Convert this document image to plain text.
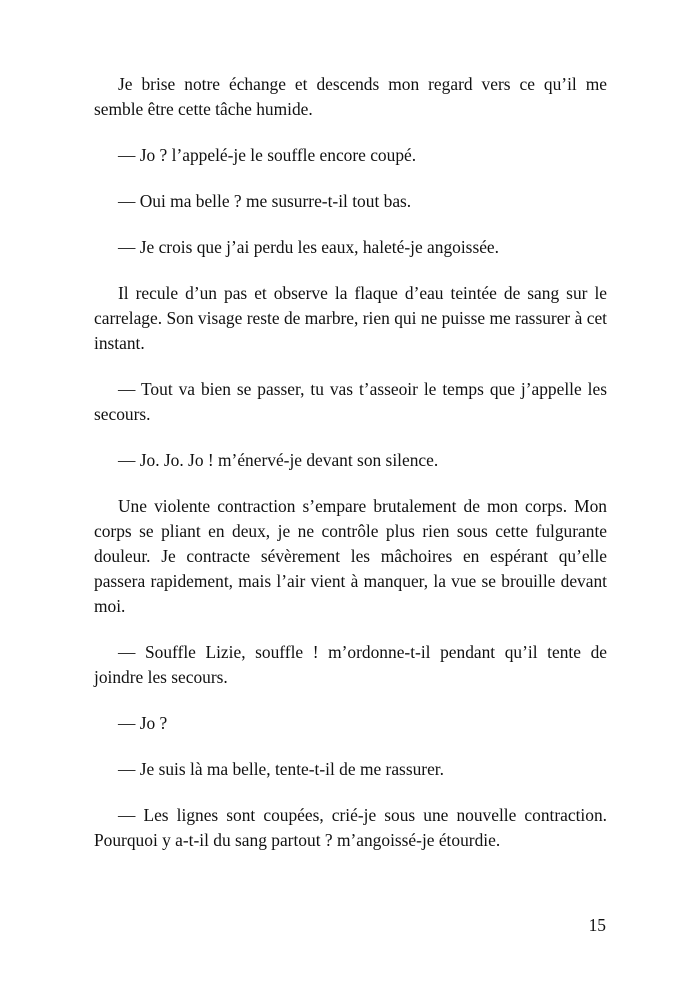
Je brise notre échange et descends mon regard vers ce qu’il me semble être cette tâche humide.

— Jo ? l’appelé-je le souffle encore coupé.

— Oui ma belle ? me susurre-t-il tout bas.

— Je crois que j’ai perdu les eaux, haleté-je angoissée.

Il recule d’un pas et observe la flaque d’eau teintée de sang sur le carrelage. Son visage reste de marbre, rien qui ne puisse me rassurer à cet instant.

— Tout va bien se passer, tu vas t’asseoir le temps que j’appelle les secours.

— Jo. Jo. Jo ! m’énervé-je devant son silence.

Une violente contraction s’empare brutalement de mon corps. Mon corps se pliant en deux, je ne contrôle plus rien sous cette fulgurante douleur. Je contracte sévèrement les mâchoires en espérant qu’elle passera rapidement, mais l’air vient à manquer, la vue se brouille devant moi.

— Souffle Lizie, souffle ! m’ordonne-t-il pendant qu’il tente de joindre les secours.

— Jo ?

— Je suis là ma belle, tente-t-il de me rassurer.

— Les lignes sont coupées, crié-je sous une nouvelle contraction. Pourquoi y a-t-il du sang partout ? m’angoissé-je étourdie.

15
